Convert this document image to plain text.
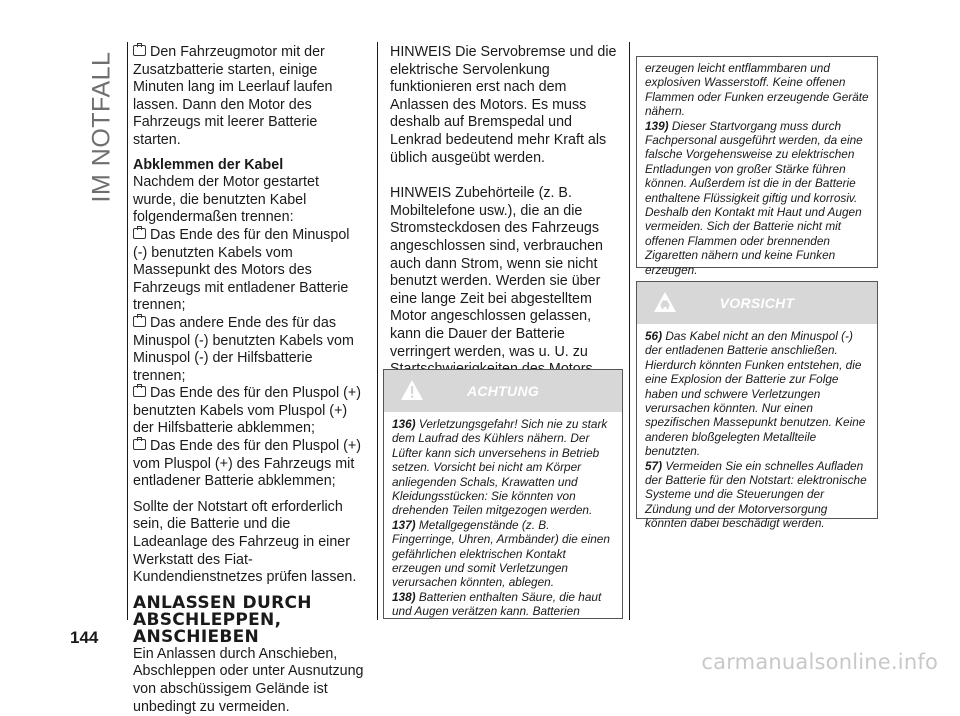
IM NOTFALL	Den Fahrzeugmotor mit der Zusatzbatterie starten, einige Minuten lang im Leerlauf laufen lassen. Dann den Motor des Fahrzeugs mit leerer Batterie starten.

Abklemmen der Kabel

Nachdem der Motor gestartet wurde, die benutzten Kabel folgendermaßen trennen:

Das Ende des für den Minuspol (-) benutzten Kabels vom Massepunkt des Motors des Fahrzeugs mit entladener Batterie trennen;

Das andere Ende des für das Minuspol (-) benutzten Kabels vom Minuspol (-) der Hilfsbatterie trennen;

Das Ende des für den Pluspol (+) benutzten Kabels vom Pluspol (+) der Hilfsbatterie abklemmen;

Das Ende des für den Pluspol (+) vom Pluspol (+) des Fahrzeugs mit entladener Batterie abklemmen;

Sollte der Notstart oft erforderlich sein, die Batterie und die Ladeanlage des Fahrzeug in einer Werkstatt des Fiat-Kundendienstnetzes prüfen lassen.

ANLASSEN DURCH ABSCHLEPPEN, ANSCHIEBEN

Ein Anlassen durch Anschieben, Abschleppen oder unter Ausnutzung von abschüssigem Gelände ist unbedingt zu vermeiden.

HINWEIS Die Servobremse und die elektrische Servolenkung funktionieren erst nach dem Anlassen des Motors. Es muss deshalb auf Bremspedal und Lenkrad bedeutend mehr Kraft als üblich ausgeübt werden.

HINWEIS Zubehörteile (z. B. Mobiltelefone usw.), die an die Stromsteckdosen des Fahrzeugs angeschlossen sind, verbrauchen auch dann Strom, wenn sie nicht benutzt werden. Werden sie über eine lange Zeit bei abgestelltem Motor angeschlossen gelassen, kann die Dauer der Batterie verringert werden, was u. U. zu

ACHTUNG

136) Verletzungsgefahr! Sich nie zu stark dem Laufrad des Kühlers nähern. Der Lüfter kann sich unversehens in Betrieb setzen. Vorsicht bei nicht am Körper anliegenden Schals, Krawatten und Kleidungsstücken: Sie könnten von drehenden Teilen mitgezogen werden.

137) Metallgegenstände (z. B. Fingerringe, Uhren, Armbänder) die einen gefährlichen elektrischen Kontakt erzeugen und somit Verletzungen verursachen könnten, ablegen.

138) Batterien enthalten Säure, die haut und Augen verätzen kann. Batterien

erzeugen leicht entflammbaren und explosiven Wasserstoff. Keine offenen Flammen oder Funken erzeugende Geräte nähern.

139) Dieser Startvorgang muss durch Fachpersonal ausgeführt werden, da eine falsche Vorgehensweise zu elektrischen Entladungen von großer Stärke führen können. Außerdem ist die in der Batterie enthaltene Flüssigkeit giftig und korrosiv. Deshalb den Kontakt mit Haut und Augen vermeiden. Sich der Batterie nicht mit offenen Flammen oder brennenden Zigaretten nähern und keine Funken erzeugen.

VORSICHT

56) Das Kabel nicht an den Minuspol (-) der entladenen Batterie anschließen. Hierdurch könnten Funken entstehen, die eine Explosion der Batterie zur Folge haben und schwere Verletzungen verursachen könnten. Nur einen spezifischen Massepunkt benutzen. Keine anderen bloßgelegten Metallteile benutzten.

57) Vermeiden Sie ein schnelles Aufladen der Batterie für den Notstart: elektronische Systeme und die Steuerungen der Zündung und der Motorversorgung könnten dabei beschädigt werden.

144
carmanualsonline.info
